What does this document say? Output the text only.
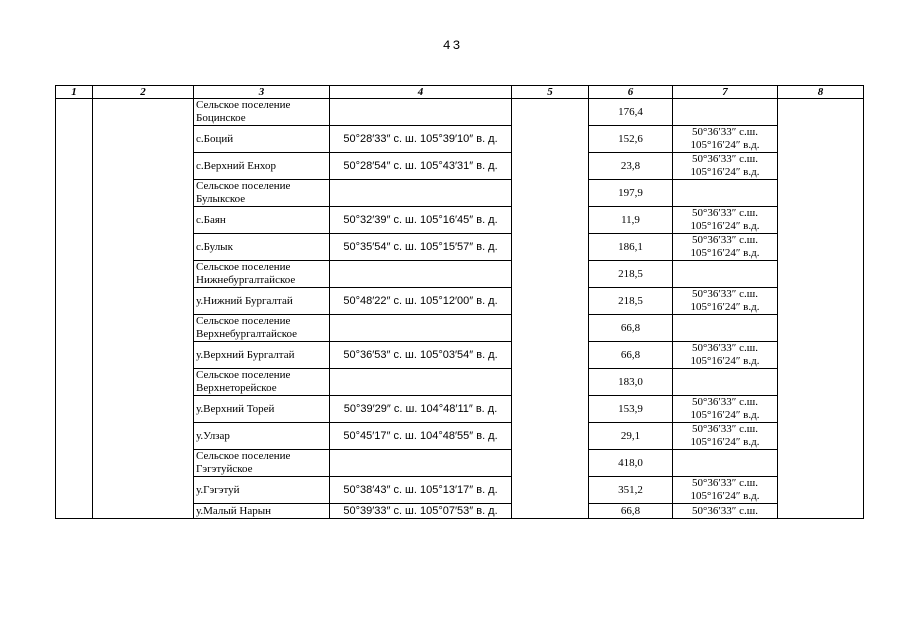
43
1	2	3	4	5	6	7	8
		Сельское поселение Боцинское			176,4		
		с.Боций	50°28′33″ с. ш. 105°39′10″ в. д.		152,6	50°36′33″ с.ш. 105°16′24″ в.д.	
		с.Верхний Енхор	50°28′54″ с. ш. 105°43′31″ в. д.		23,8	50°36′33″ с.ш. 105°16′24″ в.д.	
		Сельское поселение Булыкское			197,9		
		с.Баян	50°32′39″ с. ш. 105°16′45″ в. д.		11,9	50°36′33″ с.ш. 105°16′24″ в.д.	
		с.Булык	50°35′54″ с. ш. 105°15′57″ в. д.		186,1	50°36′33″ с.ш. 105°16′24″ в.д.	
		Сельское поселение Нижнебургалтайское			218,5		
		у.Нижний Бургалтай	50°48′22″ с. ш. 105°12′00″ в. д.		218,5	50°36′33″ с.ш. 105°16′24″ в.д.	
		Сельское поселение Верхнебургалтайское			66,8		
		у.Верхний Бургалтай	50°36′53″ с. ш. 105°03′54″ в. д.		66,8	50°36′33″ с.ш. 105°16′24″ в.д.	
		Сельское поселение Верхнеторейское			183,0		
		у.Верхний Торей	50°39′29″ с. ш. 104°48′11″ в. д.		153,9	50°36′33″ с.ш. 105°16′24″ в.д.	
		у.Улзар	50°45′17″ с. ш. 104°48′55″ в. д.		29,1	50°36′33″ с.ш. 105°16′24″ в.д.	
		Сельское поселение Гэгэтуйское			418,0		
		у.Гэгэтуй	50°38′43″ с. ш. 105°13′17″ в. д.		351,2	50°36′33″ с.ш. 105°16′24″ в.д.	
		у.Малый Нарын	50°39′33″ с. ш. 105°07′53″ в. д.		66,8	50°36′33″ с.ш.	
